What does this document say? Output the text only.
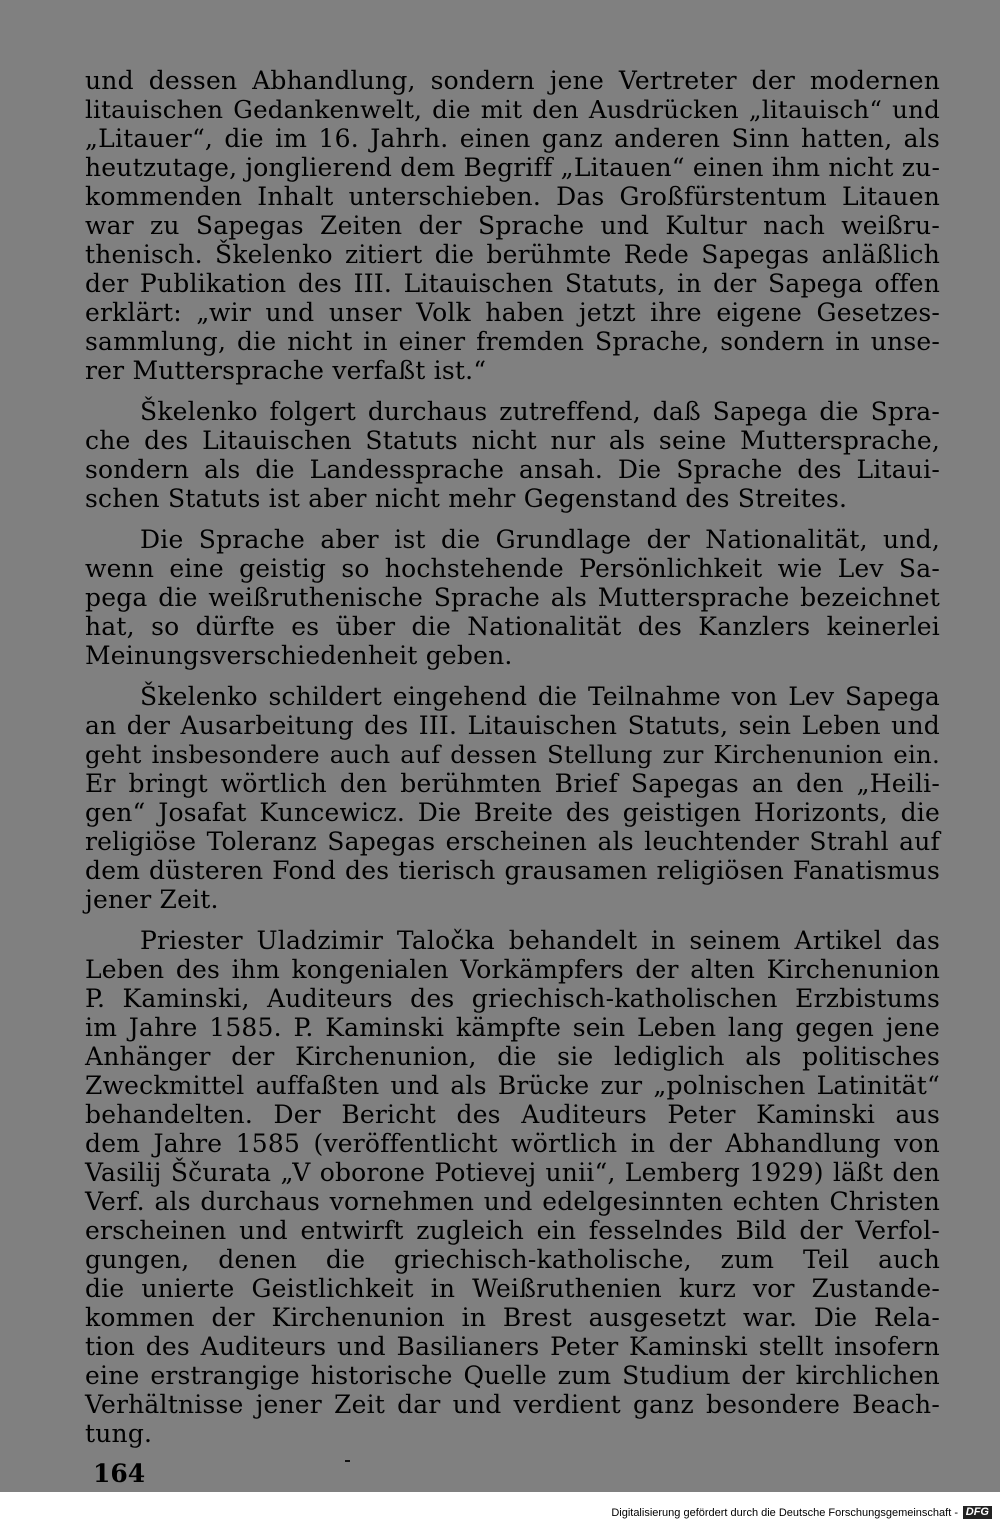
und dessen Abhandlung, sondern jene Vertreter der modernen
litauischen Gedankenwelt, die mit den Ausdrücken „litauisch“ und
„Litauer“, die im 16. Jahrh. einen ganz anderen Sinn hatten, als
heutzutage, jonglierend dem Begriff „Litauen“ einen ihm nicht zu-
kommenden Inhalt unterschieben. Das Großfürstentum Litauen
war zu Sapegas Zeiten der Sprache und Kultur nach weißru-
thenisch. Škelenko zitiert die berühmte Rede Sapegas anläßlich
der Publikation des III. Litauischen Statuts, in der Sapega offen
erklärt: „wir und unser Volk haben jetzt ihre eigene Gesetzes-
sammlung, die nicht in einer fremden Sprache, sondern in unse-
rer Muttersprache verfaßt ist.“
Škelenko folgert durchaus zutreffend, daß Sapega die Spra-
che des Litauischen Statuts nicht nur als seine Muttersprache,
sondern als die Landessprache ansah. Die Sprache des Litaui-
schen Statuts ist aber nicht mehr Gegenstand des Streites.
Die Sprache aber ist die Grundlage der Nationalität, und,
wenn eine geistig so hochstehende Persönlichkeit wie Lev Sa-
pega die weißruthenische Sprache als Muttersprache bezeichnet
hat, so dürfte es über die Nationalität des Kanzlers keinerlei
Meinungsverschiedenheit geben.
Škelenko schildert eingehend die Teilnahme von Lev Sapega
an der Ausarbeitung des III. Litauischen Statuts, sein Leben und
geht insbesondere auch auf dessen Stellung zur Kirchenunion ein.
Er bringt wörtlich den berühmten Brief Sapegas an den „Heili-
gen“ Josafat Kuncewicz. Die Breite des geistigen Horizonts, die
religiöse Toleranz Sapegas erscheinen als leuchtender Strahl auf
dem düsteren Fond des tierisch grausamen religiösen Fanatismus
jener Zeit.
Priester Uladzimir Taločka behandelt in seinem Artikel das
Leben des ihm kongenialen Vorkämpfers der alten Kirchenunion
P. Kaminski, Auditeurs des griechisch-katholischen Erzbistums
im Jahre 1585. P. Kaminski kämpfte sein Leben lang gegen jene
Anhänger der Kirchenunion, die sie lediglich als politisches
Zweckmittel auffaßten und als Brücke zur „polnischen Latinität“
behandelten. Der Bericht des Auditeurs Peter Kaminski aus
dem Jahre 1585 (veröffentlicht wörtlich in der Abhandlung von
Vasilij Ščurata „V oborone Potievej unii“, Lemberg 1929) läßt den
Verf. als durchaus vornehmen und edelgesinnten echten Christen
erscheinen und entwirft zugleich ein fesselndes Bild der Verfol-
gungen, denen die griechisch-katholische, zum Teil auch
die unierte Geistlichkeit in Weißruthenien kurz vor Zustande-
kommen der Kirchenunion in Brest ausgesetzt war. Die Rela-
tion des Auditeurs und Basilianers Peter Kaminski stellt insofern
eine erstrangige historische Quelle zum Studium der kirchlichen
Verhältnisse jener Zeit dar und verdient ganz besondere Beach-
tung.
164
Digitalisierung gefördert durch die Deutsche Forschungsgemeinschaft - DFG
